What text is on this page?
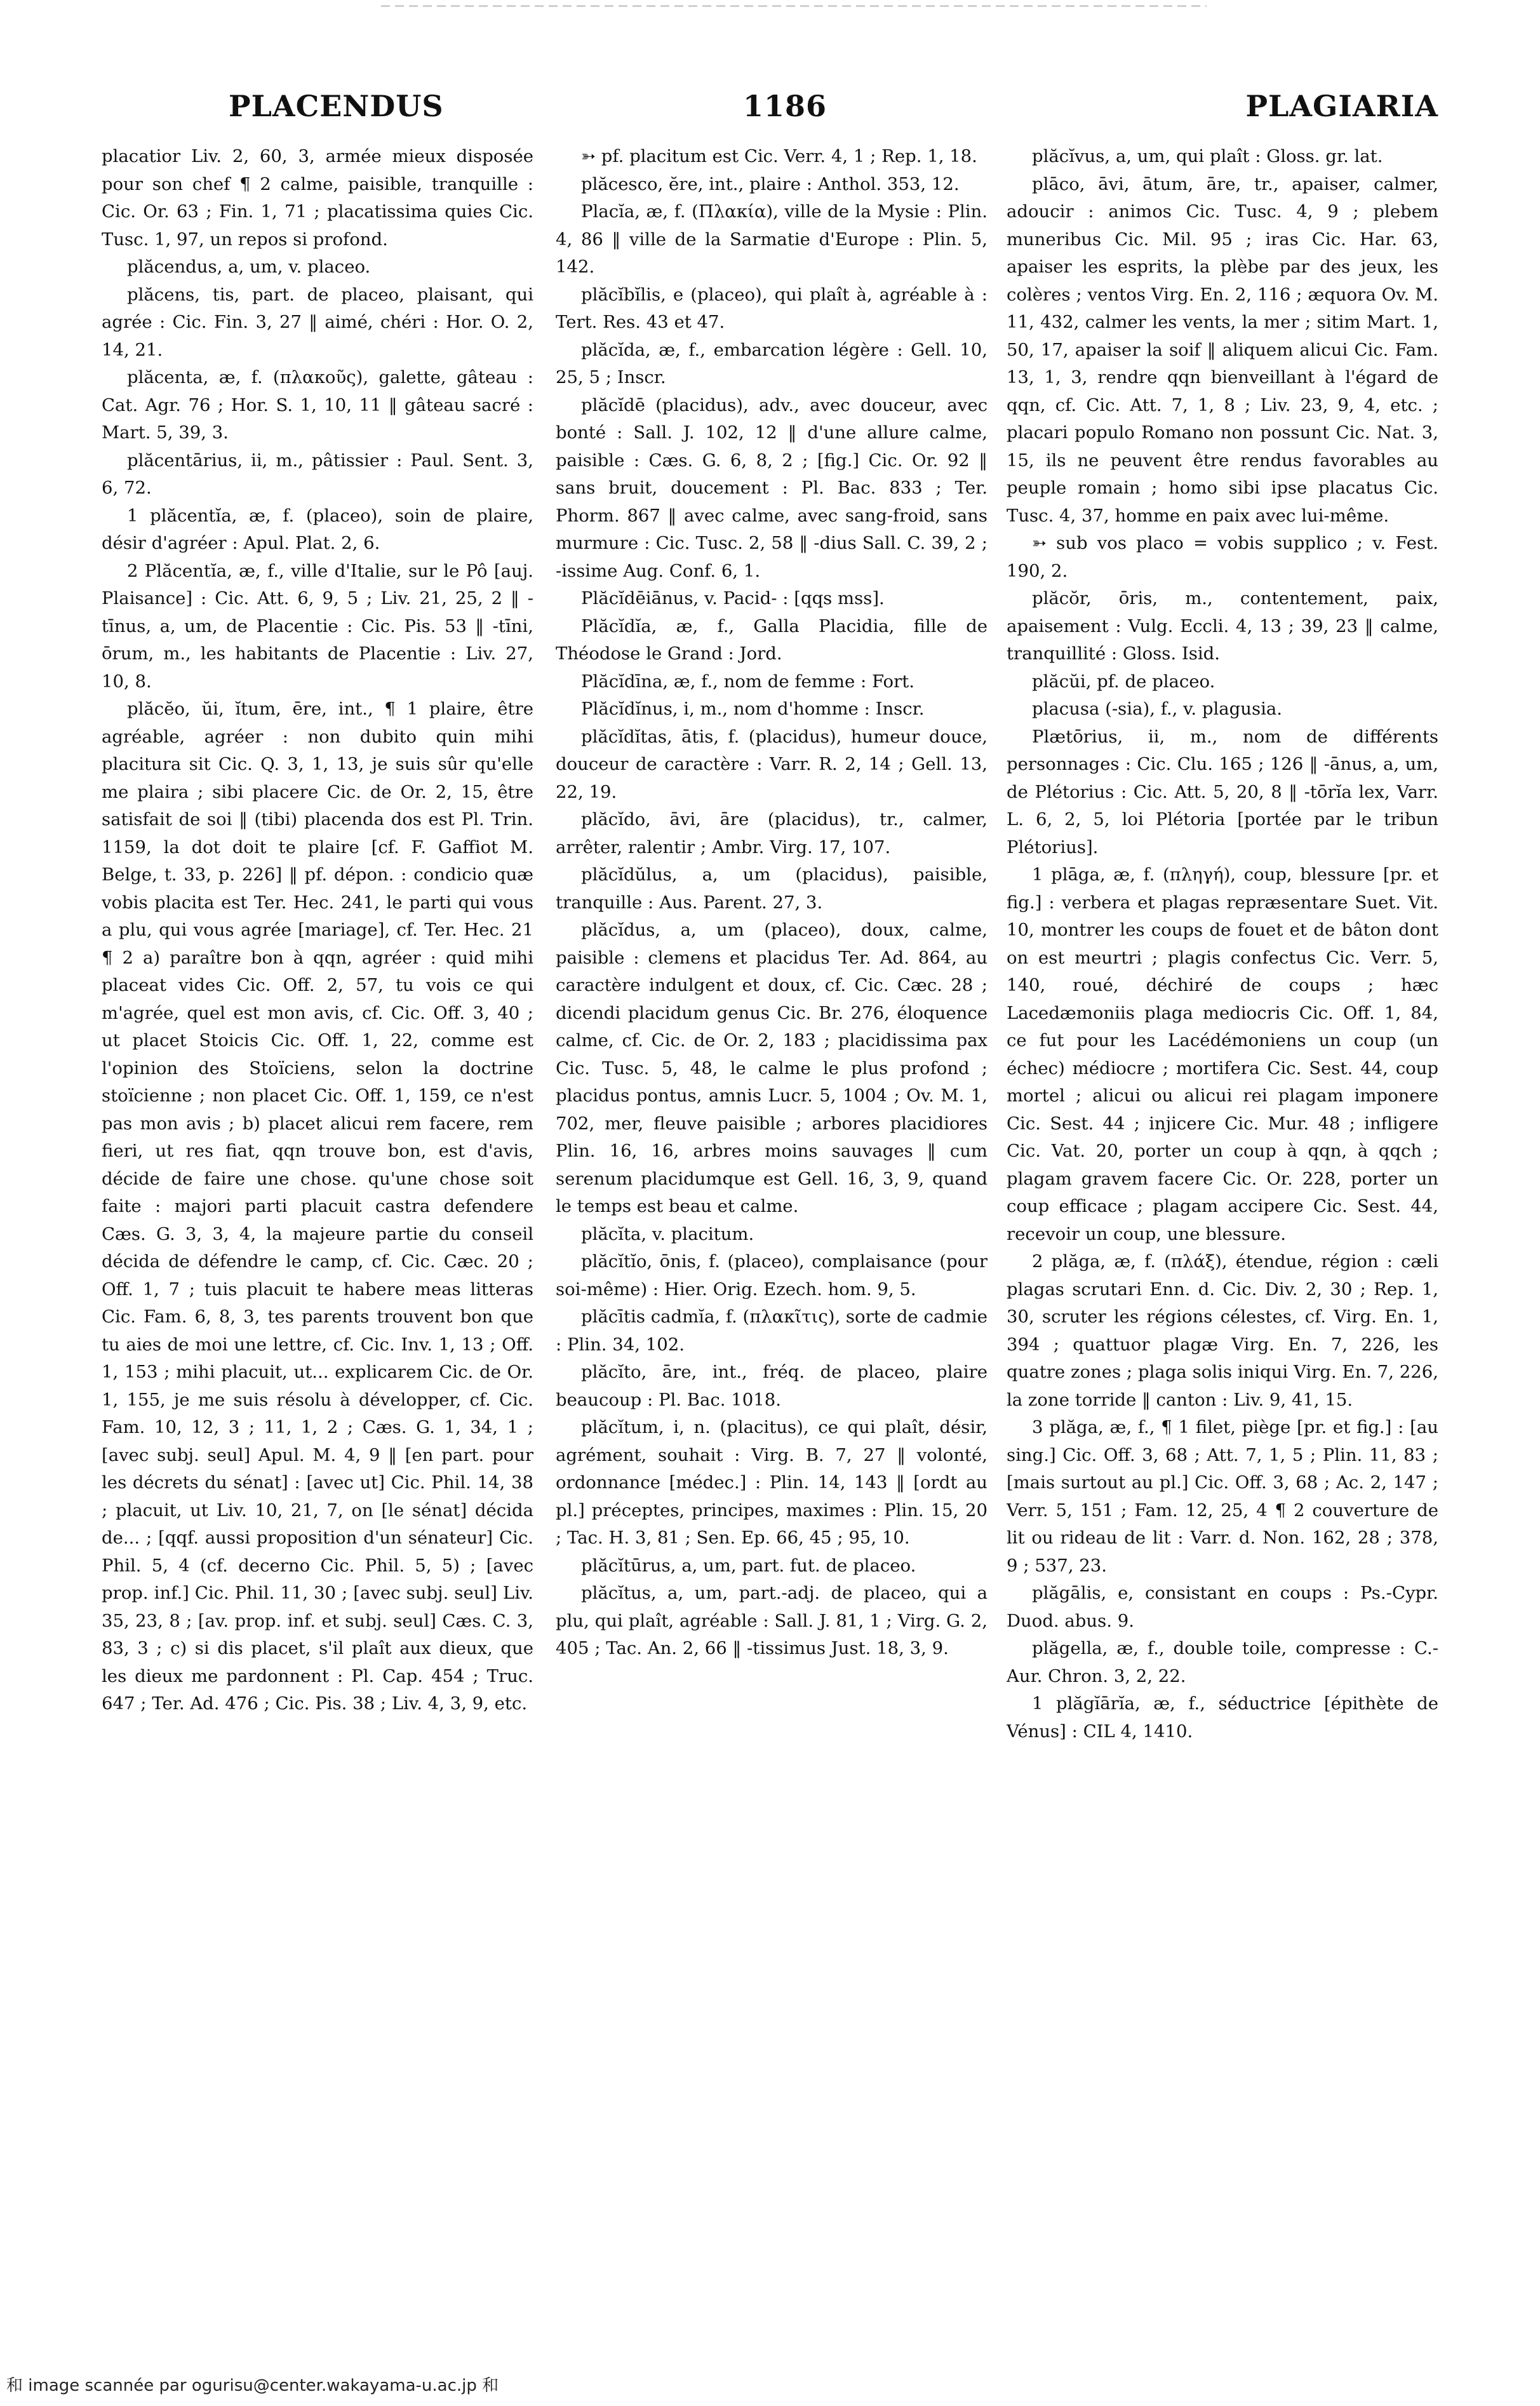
PLACENDUS	1186	PLAGIARIA

placatior Liv. 2, 60, 3, armée mieux disposée pour son chef ¶ 2 calme, paisible, tranquille : Cic. Or. 63 ; Fin. 1, 71 ; placatissima quies Cic. Tusc. 1, 97, un repos si profond.

plăcendus, a, um, v. placeo.

plăcens, tis, part. de placeo, plaisant, qui agrée : Cic. Fin. 3, 27 ‖ aimé, chéri : Hor. O. 2, 14, 21.

plăcenta, æ, f. (πλακοῦς), galette, gâteau : Cat. Agr. 76 ; Hor. S. 1, 10, 11 ‖ gâteau sacré : Mart. 5, 39, 3.

plăcentārius, ii, m., pâtissier : Paul. Sent. 3, 6, 72.

1 plăcentĭa, æ, f. (placeo), soin de plaire, désir d'agréer : Apul. Plat. 2, 6.

2 Plăcentĭa, æ, f., ville d'Italie, sur le Pô [auj. Plaisance] : Cic. Att. 6, 9, 5 ; Liv. 21, 25, 2 ‖ -tīnus, a, um, de Placentie : Cic. Pis. 53 ‖ -tīni, ōrum, m., les habitants de Placentie : Liv. 27, 10, 8.

plăcĕo, ŭi, ĭtum, ēre, int., ¶ 1 plaire, être agréable, agréer : non dubito quin mihi placitura sit Cic. Q. 3, 1, 13, je suis sûr qu'elle me plaira ; sibi placere Cic. de Or. 2, 15, être satisfait de soi ‖ (tibi) placenda dos est Pl. Trin. 1159, la dot doit te plaire [cf. F. Gaffiot M. Belge, t. 33, p. 226] ‖ pf. dépon. : condicio quæ vobis placita est Ter. Hec. 241, le parti qui vous a plu, qui vous agrée [mariage], cf. Ter. Hec. 21 ¶ 2 a) paraître bon à qqn, agréer : quid mihi placeat vides Cic. Off. 2, 57, tu vois ce qui m'agrée, quel est mon avis, cf. Cic. Off. 3, 40 ; ut placet Stoicis Cic. Off. 1, 22, comme est l'opinion des Stoïciens, selon la doctrine stoïcienne ; non placet Cic. Off. 1, 159, ce n'est pas mon avis ; b) placet alicui rem facere, rem fieri, ut res fiat, qqn trouve bon, est d'avis, décide de faire une chose. qu'une chose soit faite : majori parti placuit castra defendere Cæs. G. 3, 3, 4, la majeure partie du conseil décida de défendre le camp, cf. Cic. Cæc. 20 ; Off. 1, 7 ; tuis placuit te habere meas litteras Cic. Fam. 6, 8, 3, tes parents trouvent bon que tu aies de moi une lettre, cf. Cic. Inv. 1, 13 ; Off. 1, 153 ; mihi placuit, ut... explicarem Cic. de Or. 1, 155, je me suis résolu à développer, cf. Cic. Fam. 10, 12, 3 ; 11, 1, 2 ; Cæs. G. 1, 34, 1 ; [avec subj. seul] Apul. M. 4, 9 ‖ [en part. pour les décrets du sénat] : [avec ut] Cic. Phil. 14, 38 ; placuit, ut Liv. 10, 21, 7, on [le sénat] décida de... ; [qqf. aussi proposition d'un sénateur] Cic. Phil. 5, 4 (cf. decerno Cic. Phil. 5, 5) ; [avec prop. inf.] Cic. Phil. 11, 30 ; [avec subj. seul] Liv. 35, 23, 8 ; [av. prop. inf. et subj. seul] Cæs. C. 3, 83, 3 ; c) si dis placet, s'il plaît aux dieux, que les dieux me pardonnent : Pl. Cap. 454 ; Truc. 647 ; Ter. Ad. 476 ; Cic. Pis. 38 ; Liv. 4, 3, 9, etc.

➳ pf. placitum est Cic. Verr. 4, 1 ; Rep. 1, 18.

plăcesco, ĕre, int., plaire : Anthol. 353, 12.

Placĭa, æ, f. (Πλακία), ville de la Mysie : Plin. 4, 86 ‖ ville de la Sarmatie d'Europe : Plin. 5, 142.

plăcĭbĭlis, e (placeo), qui plaît à, agréable à : Tert. Res. 43 et 47.

plăcĭda, æ, f., embarcation légère : Gell. 10, 25, 5 ; Inscr.

plăcĭdē (placidus), adv., avec douceur, avec bonté : Sall. J. 102, 12 ‖ d'une allure calme, paisible : Cæs. G. 6, 8, 2 ; [fig.] Cic. Or. 92 ‖ sans bruit, doucement : Pl. Bac. 833 ; Ter. Phorm. 867 ‖ avec calme, avec sang-froid, sans murmure : Cic. Tusc. 2, 58 ‖ -dius Sall. C. 39, 2 ; -issime Aug. Conf. 6, 1.

Plăcĭdēiānus, v. Pacid- : [qqs mss].

Plăcĭdĭa, æ, f., Galla Placidia, fille de Théodose le Grand : Jord.

Plăcĭdīna, æ, f., nom de femme : Fort.

Plăcĭdĭnus, i, m., nom d'homme : Inscr.

plăcĭdĭtas, ātis, f. (placidus), humeur douce, douceur de caractère : Varr. R. 2, 14 ; Gell. 13, 22, 19.

plăcĭdo, āvi, āre (placidus), tr., calmer, arrêter, ralentir ; Ambr. Virg. 17, 107.

plăcĭdŭlus, a, um (placidus), paisible, tranquille : Aus. Parent. 27, 3.

plăcĭdus, a, um (placeo), doux, calme, paisible : clemens et placidus Ter. Ad. 864, au caractère indulgent et doux, cf. Cic. Cæc. 28 ; dicendi placidum genus Cic. Br. 276, éloquence calme, cf. Cic. de Or. 2, 183 ; placidissima pax Cic. Tusc. 5, 48, le calme le plus profond ; placidus pontus, amnis Lucr. 5, 1004 ; Ov. M. 1, 702, mer, fleuve paisible ; arbores placidiores Plin. 16, 16, arbres moins sauvages ‖ cum serenum placidumque est Gell. 16, 3, 9, quand le temps est beau et calme.

plăcĭta, v. placitum.

plăcĭtĭo, ōnis, f. (placeo), complaisance (pour soi-même) : Hier. Orig. Ezech. hom. 9, 5.

plăcītis cadmĭa, f. (πλακῖτις), sorte de cadmie : Plin. 34, 102.

plăcĭto, āre, int., fréq. de placeo, plaire beaucoup : Pl. Bac. 1018.

plăcĭtum, i, n. (placitus), ce qui plaît, désir, agrément, souhait : Virg. B. 7, 27 ‖ volonté, ordonnance [médec.] : Plin. 14, 143 ‖ [ordt au pl.] préceptes, principes, maximes : Plin. 15, 20 ; Tac. H. 3, 81 ; Sen. Ep. 66, 45 ; 95, 10.

plăcĭtūrus, a, um, part. fut. de placeo.

plăcĭtus, a, um, part.-adj. de placeo, qui a plu, qui plaît, agréable : Sall. J. 81, 1 ; Virg. G. 2, 405 ; Tac. An. 2, 66 ‖ -tissimus Just. 18, 3, 9.

plăcĭvus, a, um, qui plaît : Gloss. gr. lat.

plāco, āvi, ātum, āre, tr., apaiser, calmer, adoucir : animos Cic. Tusc. 4, 9 ; plebem muneribus Cic. Mil. 95 ; iras Cic. Har. 63, apaiser les esprits, la plèbe par des jeux, les colères ; ventos Virg. En. 2, 116 ; æquora Ov. M. 11, 432, calmer les vents, la mer ; sitim Mart. 1, 50, 17, apaiser la soif ‖ aliquem alicui Cic. Fam. 13, 1, 3, rendre qqn bienveillant à l'égard de qqn, cf. Cic. Att. 7, 1, 8 ; Liv. 23, 9, 4, etc. ; placari populo Romano non possunt Cic. Nat. 3, 15, ils ne peuvent être rendus favorables au peuple romain ; homo sibi ipse placatus Cic. Tusc. 4, 37, homme en paix avec lui-même.

➳ sub vos placo = vobis supplico ; v. Fest. 190, 2.

plăcŏr, ōris, m., contentement, paix, apaisement : Vulg. Eccli. 4, 13 ; 39, 23 ‖ calme, tranquillité : Gloss. Isid.

plăcŭi, pf. de placeo.

placusa (-sia), f., v. plagusia.

Plætōrius, ii, m., nom de différents personnages : Cic. Clu. 165 ; 126 ‖ -ānus, a, um, de Plétorius : Cic. Att. 5, 20, 8 ‖ -tōrĭa lex, Varr. L. 6, 2, 5, loi Plétoria [portée par le tribun Plétorius].

1 plāga, æ, f. (πληγή), coup, blessure [pr. et fig.] : verbera et plagas repræsentare Suet. Vit. 10, montrer les coups de fouet et de bâton dont on est meurtri ; plagis confectus Cic. Verr. 5, 140, roué, déchiré de coups ; hæc Lacedæmoniis plaga mediocris Cic. Off. 1, 84, ce fut pour les Lacédémoniens un coup (un échec) médiocre ; mortifera Cic. Sest. 44, coup mortel ; alicui ou alicui rei plagam imponere Cic. Sest. 44 ; injicere Cic. Mur. 48 ; infligere Cic. Vat. 20, porter un coup à qqn, à qqch ; plagam gravem facere Cic. Or. 228, porter un coup efficace ; plagam accipere Cic. Sest. 44, recevoir un coup, une blessure.

2 plăga, æ, f. (πλάξ), étendue, région : cæli plagas scrutari Enn. d. Cic. Div. 2, 30 ; Rep. 1, 30, scruter les régions célestes, cf. Virg. En. 1, 394 ; quattuor plagæ Virg. En. 7, 226, les quatre zones ; plaga solis iniqui Virg. En. 7, 226, la zone torride ‖ canton : Liv. 9, 41, 15.

3 plăga, æ, f., ¶ 1 filet, piège [pr. et fig.] : [au sing.] Cic. Off. 3, 68 ; Att. 7, 1, 5 ; Plin. 11, 83 ; [mais surtout au pl.] Cic. Off. 3, 68 ; Ac. 2, 147 ; Verr. 5, 151 ; Fam. 12, 25, 4 ¶ 2 couverture de lit ou rideau de lit : Varr. d. Non. 162, 28 ; 378, 9 ; 537, 23.

plăgālis, e, consistant en coups : Ps.-Cypr. Duod. abus. 9.

plăgella, æ, f., double toile, compresse : C.-Aur. Chron. 3, 2, 22.

1 plăgĭārĭa, æ, f., séductrice [épithète de Vénus] : CIL 4, 1410.

和 image scannée par ogurisu@center.wakayama-u.ac.jp 和
